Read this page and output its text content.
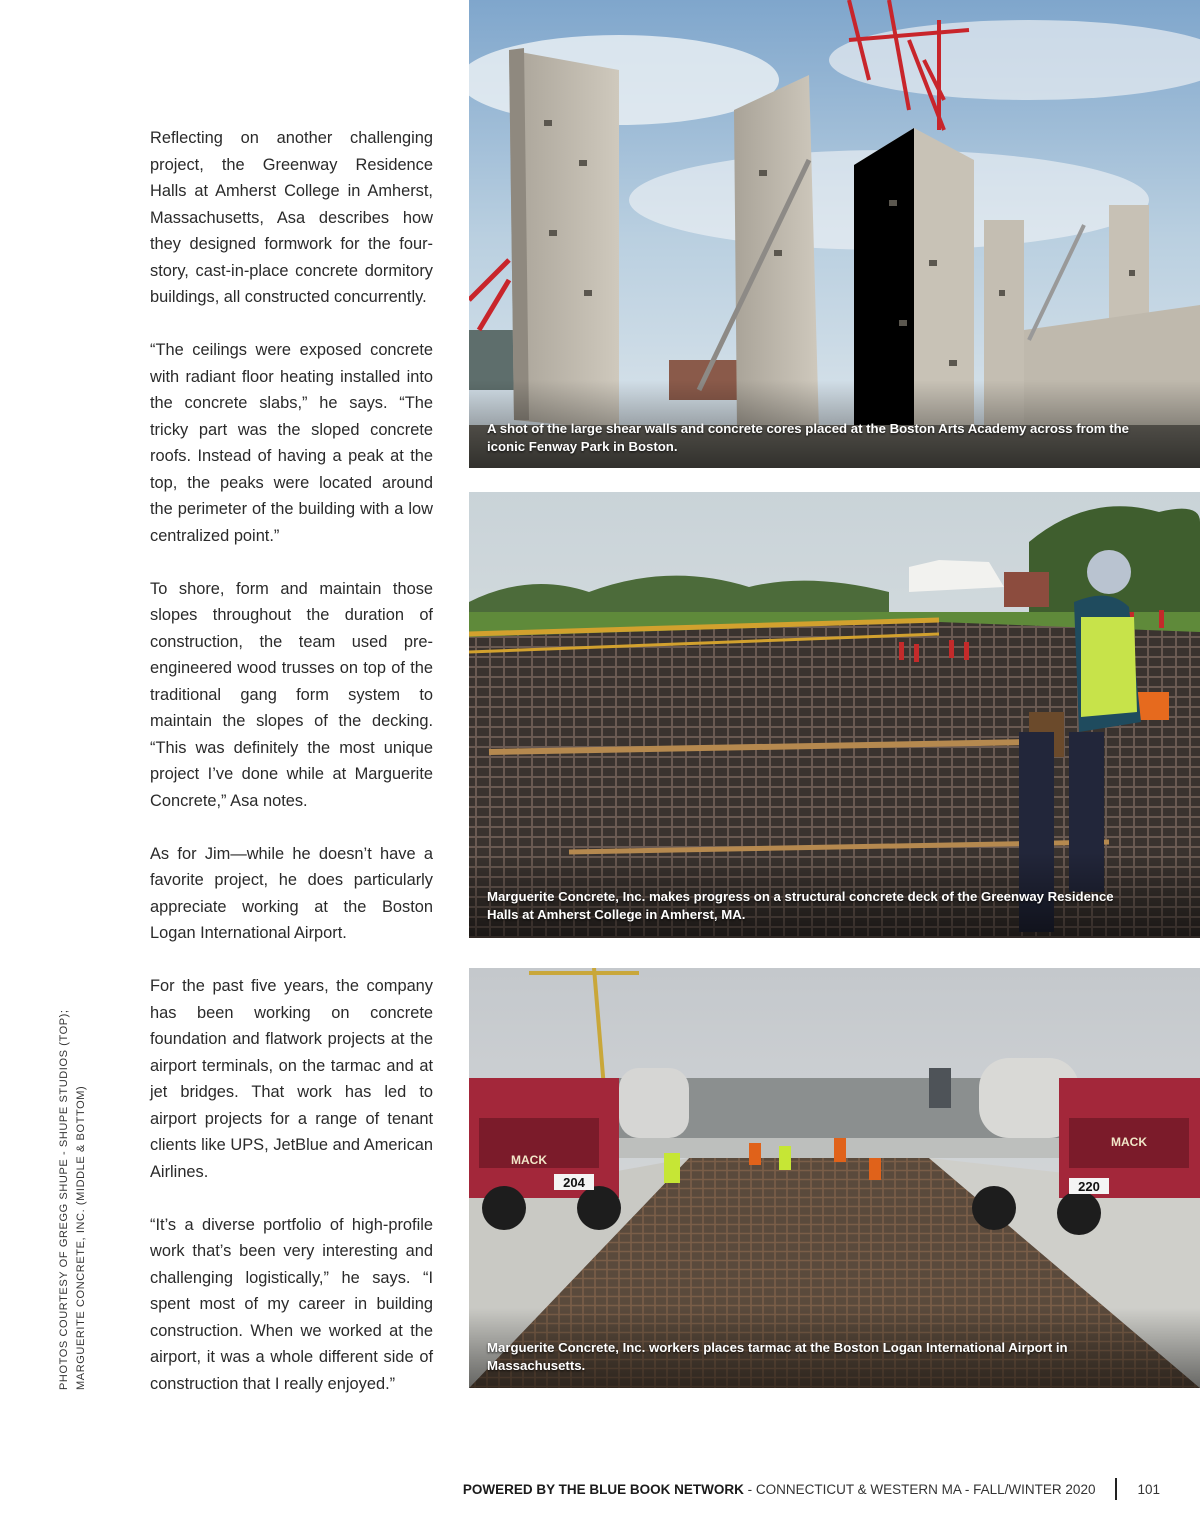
Reflecting on another challenging project, the Greenway Residence Halls at Amherst College in Amherst, Massachusetts, Asa describes how they designed formwork for the four-story, cast-in-place concrete dormitory buildings, all constructed concurrently.

“The ceilings were exposed concrete with radiant floor heating installed into the concrete slabs,” he says. “The tricky part was the sloped concrete roofs. Instead of having a peak at the top, the peaks were located around the perimeter of the building with a low centralized point.”

To shore, form and maintain those slopes throughout the duration of construction, the team used pre-engineered wood trusses on top of the traditional gang form system to maintain the slopes of the decking. “This was definitely the most unique project I’ve done while at Marguerite Concrete,” Asa notes.

As for Jim—while he doesn’t have a favorite project, he does particularly appreciate working at the Boston Logan International Airport.

For the past five years, the company has been working on concrete foundation and flatwork projects at the airport terminals, on the tarmac and at jet bridges. That work has led to airport projects for a range of tenant clients like UPS, JetBlue and American Airlines.

“It’s a diverse portfolio of high-profile work that’s been very interesting and challenging logistically,” he says. “I spent most of my career in building construction. When we worked at the airport, it was a whole different side of construction that I really enjoyed.”

PHOTOS COURTESY OF GREGG SHUPE - SHUPE STUDIOS (TOP); MARGUERITE CONCRETE, INC. (MIDDLE & BOTTOM)
A shot of the large shear walls and concrete cores placed at the Boston Arts Academy across from the iconic Fenway Park in Boston.
Marguerite Concrete, Inc. makes progress on a structural concrete deck of the Greenway Residence Halls at Amherst College in Amherst, MA.
204
MACK
220
MACK
Marguerite Concrete, Inc. workers places tarmac at the Boston Logan International Airport in Massachusetts.
POWERED BY THE BLUE BOOK NETWORK - CONNECTICUT & WESTERN MA - FALL/WINTER 2020	101
